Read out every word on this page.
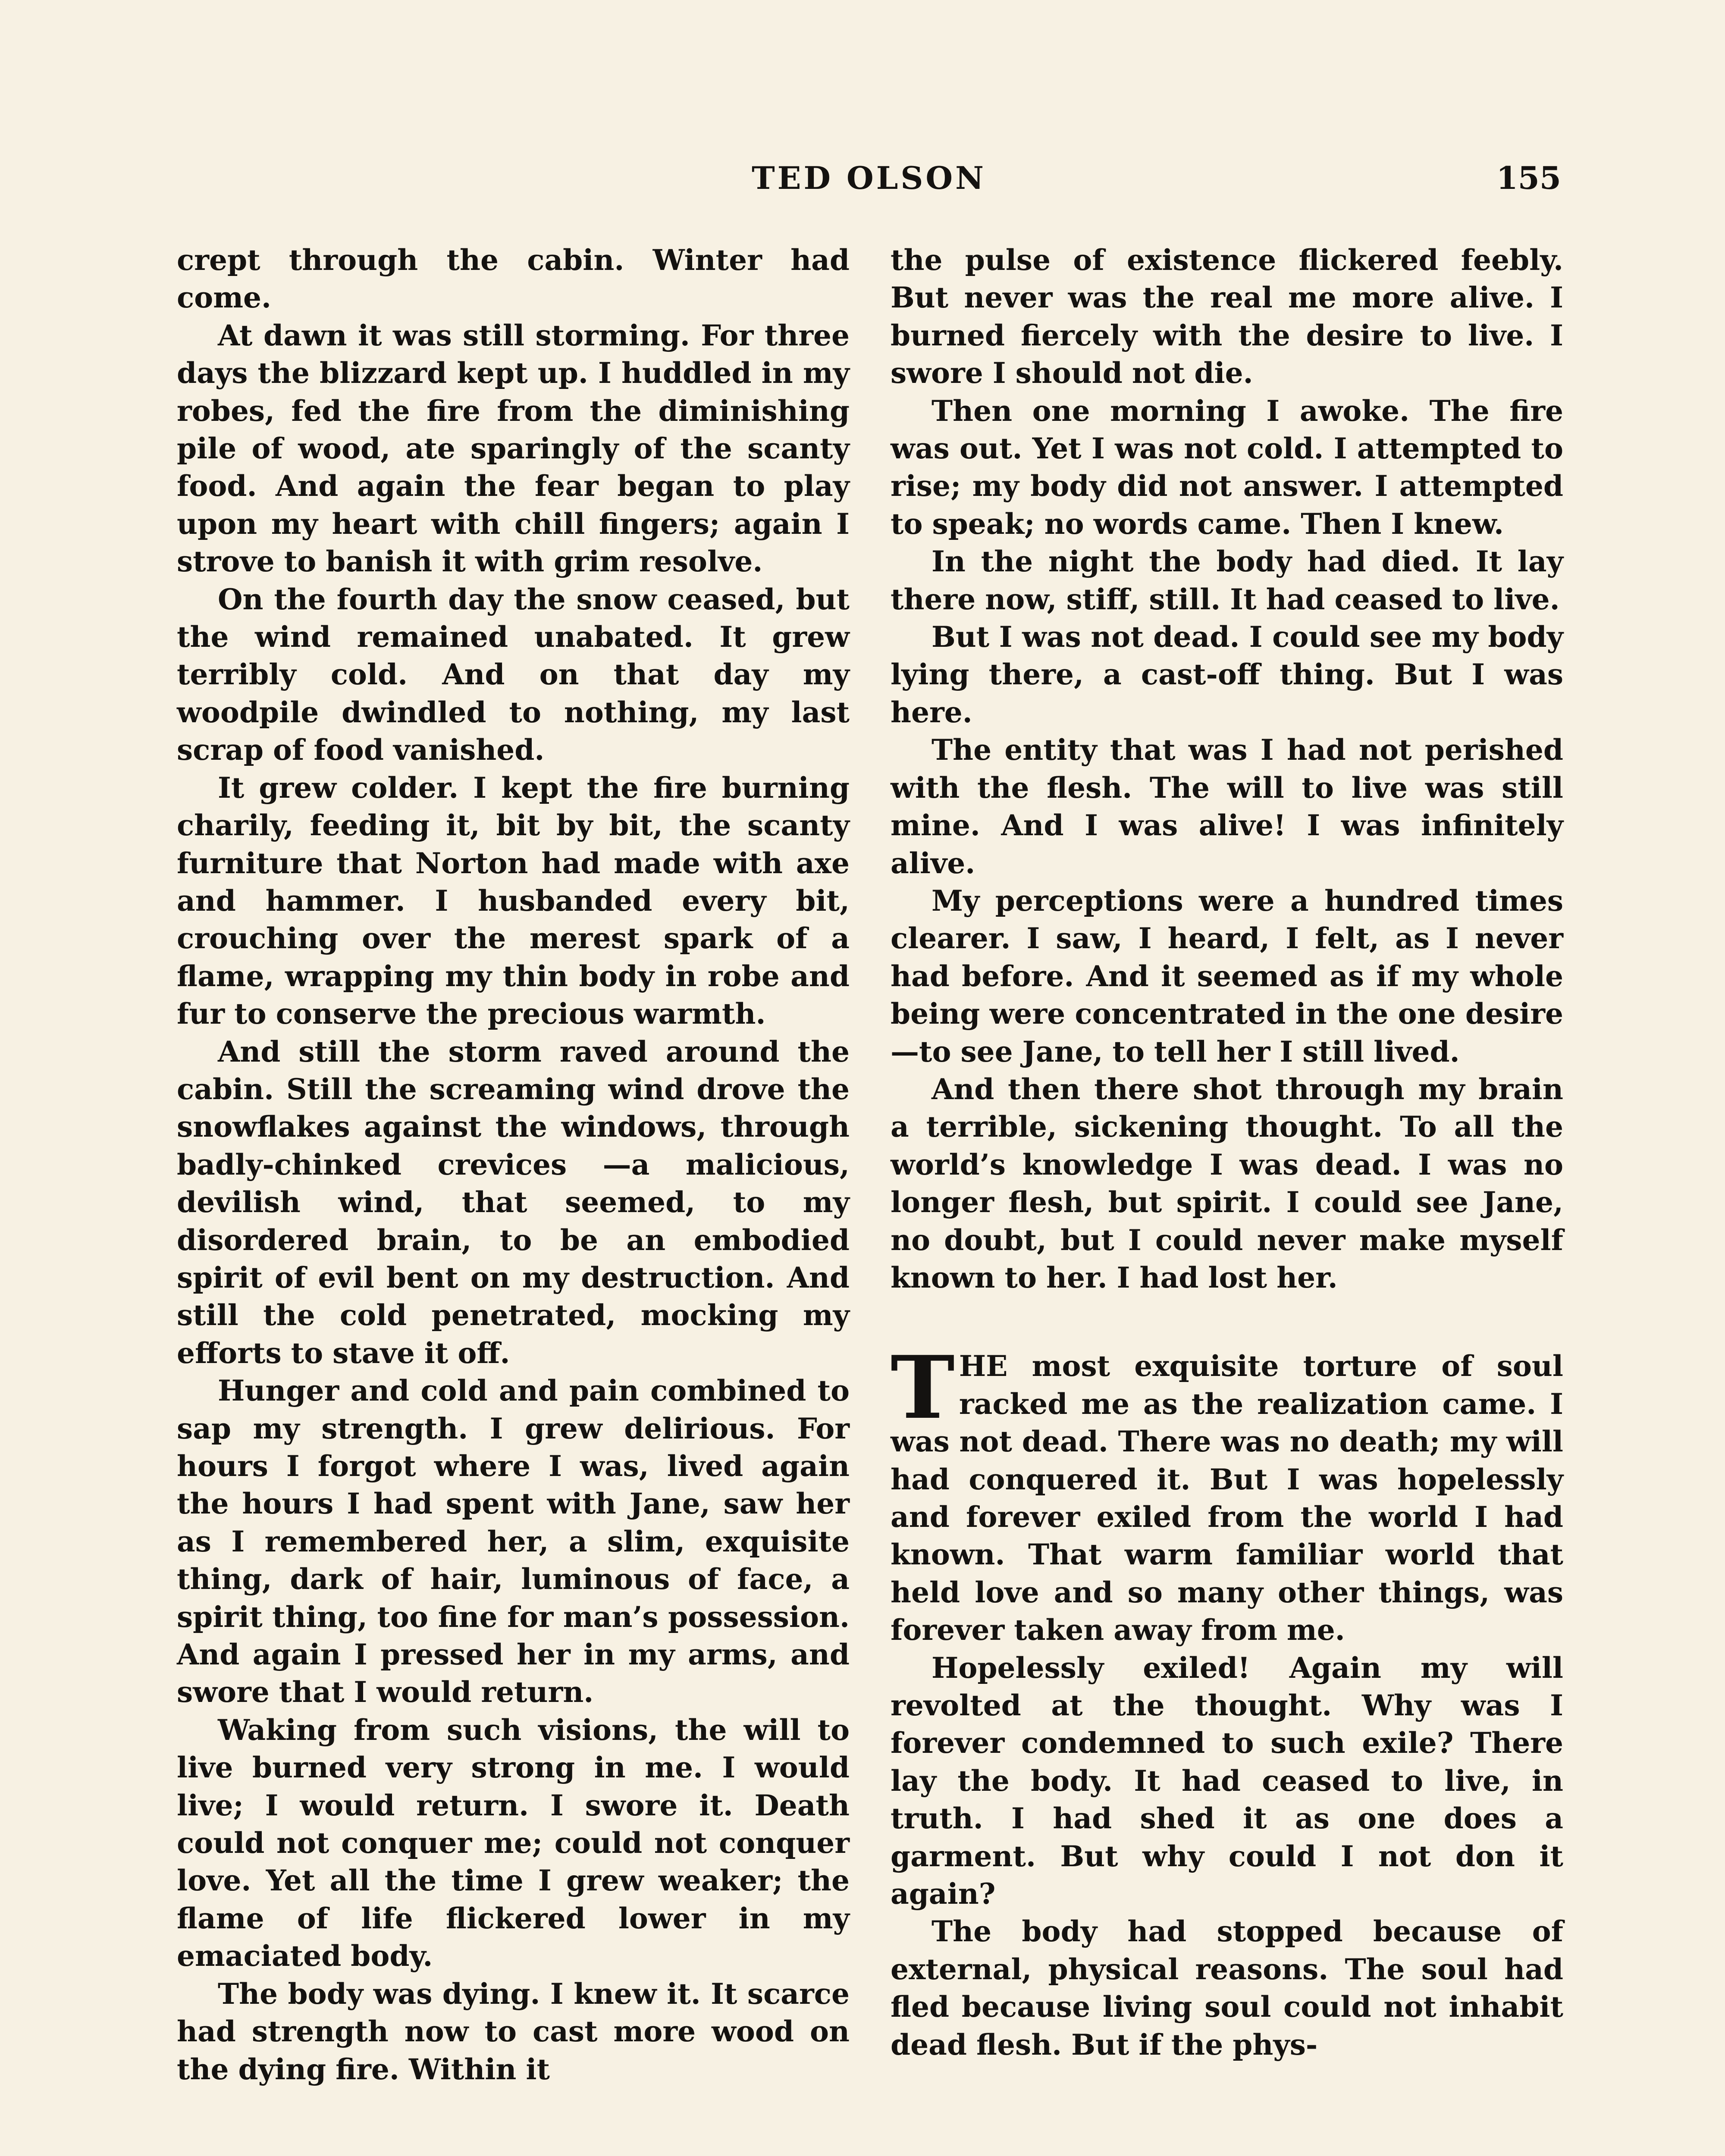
TED OLSON	155

crept through the cabin. Winter had come.

At dawn it was still storming. For three days the blizzard kept up. I huddled in my robes, fed the fire from the diminishing pile of wood, ate sparingly of the scanty food. And again the fear began to play upon my heart with chill fingers; again I strove to banish it with grim resolve.

On the fourth day the snow ceased, but the wind remained unabated. It grew terribly cold. And on that day my woodpile dwindled to nothing, my last scrap of food vanished.

It grew colder. I kept the fire burning charily, feeding it, bit by bit, the scanty furniture that Norton had made with axe and hammer. I husbanded every bit, crouching over the merest spark of a flame, wrapping my thin body in robe and fur to conserve the precious warmth.

And still the storm raved around the cabin. Still the screaming wind drove the snowflakes against the windows, through badly-chinked crevices —a malicious, devilish wind, that seemed, to my disordered brain, to be an embodied spirit of evil bent on my destruction. And still the cold penetrated, mocking my efforts to stave it off.

Hunger and cold and pain combined to sap my strength. I grew delirious. For hours I forgot where I was, lived again the hours I had spent with Jane, saw her as I remembered her, a slim, exquisite thing, dark of hair, luminous of face, a spirit thing, too fine for man’s possession. And again I pressed her in my arms, and swore that I would return.

Waking from such visions, the will to live burned very strong in me. I would live; I would return. I swore it. Death could not conquer me; could not conquer love. Yet all the time I grew weaker; the flame of life flickered lower in my emaciated body.

The body was dying. I knew it. It scarce had strength now to cast more wood on the dying fire. Within it

the pulse of existence flickered feebly. But never was the real me more alive. I burned fiercely with the desire to live. I swore I should not die.

Then one morning I awoke. The fire was out. Yet I was not cold. I attempted to rise; my body did not answer. I attempted to speak; no words came. Then I knew.

In the night the body had died. It lay there now, stiff, still. It had ceased to live.

But I was not dead. I could see my body lying there, a cast-off thing. But I was here.

The entity that was I had not perished with the flesh. The will to live was still mine. And I was alive! I was infinitely alive.

My perceptions were a hundred times clearer. I saw, I heard, I felt, as I never had before. And it seemed as if my whole being were concentrated in the one desire—to see Jane, to tell her I still lived.

And then there shot through my brain a terrible, sickening thought. To all the world’s knowledge I was dead. I was no longer flesh, but spirit. I could see Jane, no doubt, but I could never make myself known to her. I had lost her.

THE most exquisite torture of soul racked me as the realization came. I was not dead. There was no death; my will had conquered it. But I was hopelessly and forever exiled from the world I had known. That warm familiar world that held love and so many other things, was forever taken away from me.

Hopelessly exiled! Again my will revolted at the thought. Why was I forever condemned to such exile? There lay the body. It had ceased to live, in truth. I had shed it as one does a garment. But why could I not don it again?

The body had stopped because of external, physical reasons. The soul had fled because living soul could not inhabit dead flesh. But if the phys-
